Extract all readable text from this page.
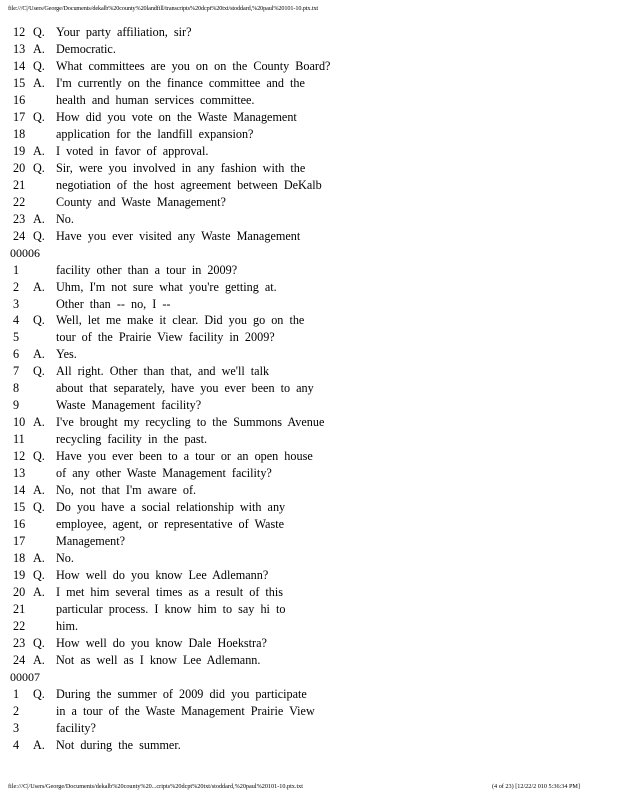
file:///C|/Users/George/Documents/dekalb%20county%20landfill/transcripts%20dcpt%20txt/stoddard,%20paul%20101-10.ptx.txt
12 Q. Your party affiliation, sir?
13 A. Democratic.
14 Q. What committees are you on on the County Board?
15 A. I'm currently on the finance committee and the
16	health and human services committee.
17 Q. How did you vote on the Waste Management
18	application for the landfill expansion?
19 A. I voted in favor of approval.
20 Q. Sir, were you involved in any fashion with the
21	negotiation of the host agreement between DeKalb
22	County and Waste Management?
23 A. No.
24 Q. Have you ever visited any Waste Management
00006
1	facility other than a tour in 2009?
2 A. Uhm, I'm not sure what you're getting at.
3	Other than -- no, I --
4 Q. Well, let me make it clear. Did you go on the
5	tour of the Prairie View facility in 2009?
6 A. Yes.
7 Q. All right. Other than that, and we'll talk
8	about that separately, have you ever been to any
9	Waste Management facility?
10 A. I've brought my recycling to the Summons Avenue
11	recycling facility in the past.
12 Q. Have you ever been to a tour or an open house
13	of any other Waste Management facility?
14 A. No, not that I'm aware of.
15 Q. Do you have a social relationship with any
16	employee, agent, or representative of Waste
17	Management?
18 A. No.
19 Q. How well do you know Lee Adlemann?
20 A. I met him several times as a result of this
21	particular process. I know him to say hi to
22	him.
23 Q. How well do you know Dale Hoekstra?
24 A. Not as well as I know Lee Adlemann.
00007
1 Q. During the summer of 2009 did you participate
2	in a tour of the Waste Management Prairie View
3	facility?
4 A. Not during the summer.
file:///C|/Users/George/Documents/dekalb%20county%20...cripts%20dcpt%20txt/stoddard,%20paul%20101-10.ptx.txt	(4 of 23) [12/22/2 010 5:36:34 PM]
